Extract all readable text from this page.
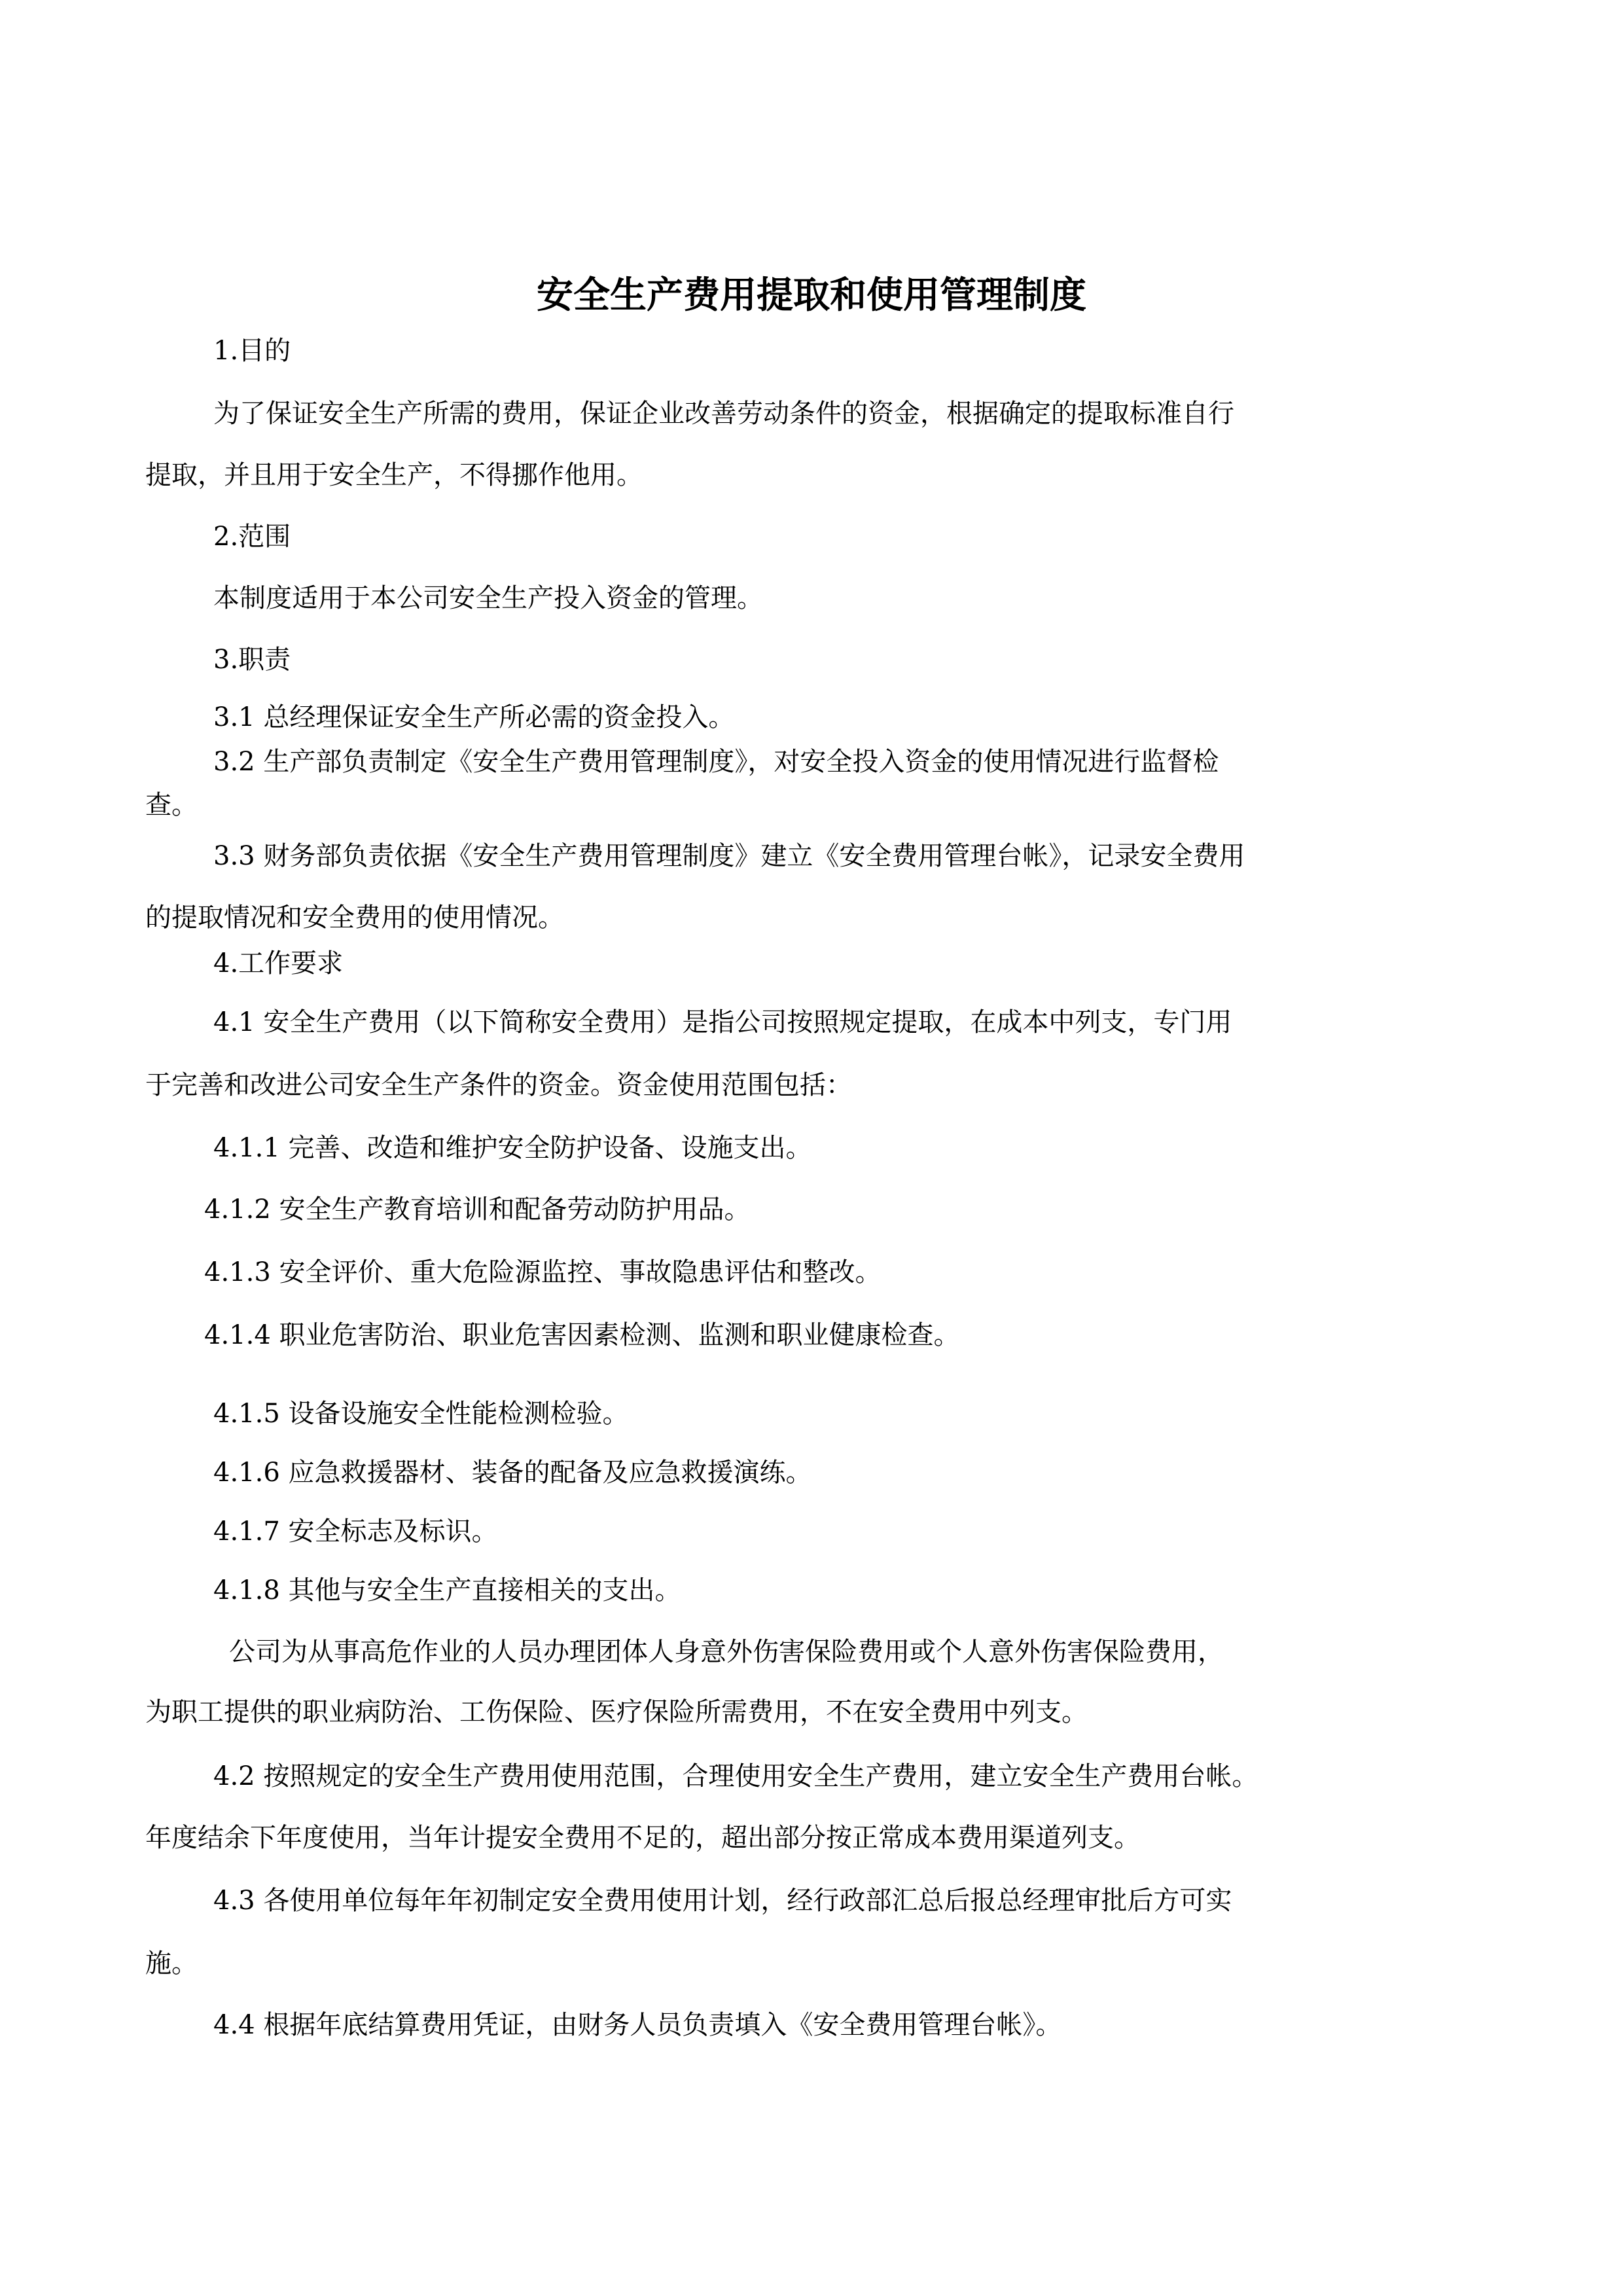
安全生产费用提取和使用管理制度

1.目的

为了保证安全生产所需的费用，保证企业改善劳动条件的资金，根据确定的提取标准自行

提取，并且用于安全生产，不得挪作他用。

2.范围

本制度适用于本公司安全生产投入资金的管理。

3.职责

3.1 总经理保证安全生产所必需的资金投入。

3.2 生产部负责制定《安全生产费用管理制度》，对安全投入资金的使用情况进行监督检

查。

3.3 财务部负责依据《安全生产费用管理制度》建立《安全费用管理台帐》，记录安全费用

的提取情况和安全费用的使用情况。

4.工作要求

4.1 安全生产费用（以下简称安全费用）是指公司按照规定提取，在成本中列支，专门用

于完善和改进公司安全生产条件的资金。资金使用范围包括：

4.1.1 完善、改造和维护安全防护设备、设施支出。

4.1.2 安全生产教育培训和配备劳动防护用品。

4.1.3 安全评价、重大危险源监控、事故隐患评估和整改。

4.1.4 职业危害防治、职业危害因素检测、监测和职业健康检查。

4.1.5 设备设施安全性能检测检验。

4.1.6 应急救援器材、装备的配备及应急救援演练。

4.1.7 安全标志及标识。

4.1.8 其他与安全生产直接相关的支出。

公司为从事高危作业的人员办理团体人身意外伤害保险费用或个人意外伤害保险费用，

为职工提供的职业病防治、工伤保险、医疗保险所需费用，不在安全费用中列支。

4.2 按照规定的安全生产费用使用范围，合理使用安全生产费用，建立安全生产费用台帐。

年度结余下年度使用，当年计提安全费用不足的，超出部分按正常成本费用渠道列支。

4.3 各使用单位每年年初制定安全费用使用计划，经行政部汇总后报总经理审批后方可实

施。

4.4 根据年底结算费用凭证，由财务人员负责填入《安全费用管理台帐》。
